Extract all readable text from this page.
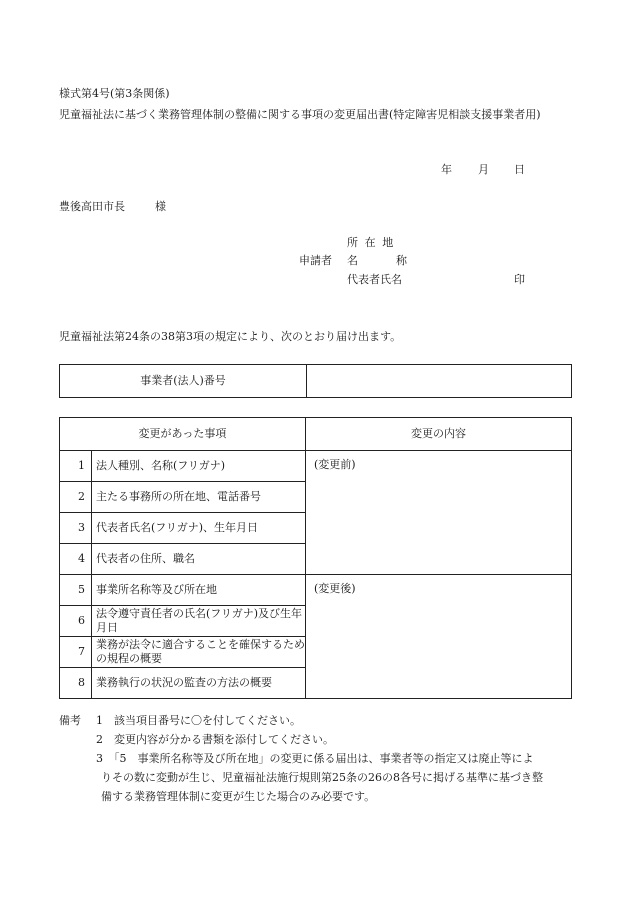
様式第4号(第3条関係)
児童福祉法に基づく業務管理体制の整備に関する事項の変更届出書(特定障害児相談支援事業者用)
年 月 日
豊後高田市長	様
申請者
所在地
名	称
代表者氏名	印
児童福祉法第24条の38第3項の規定により、次のとおり届け出ます。
事業者(法人)番号	
変更があった事項		変更の内容
1	法人種別、名称(フリガナ)	(変更前)
2	主たる事務所の所在地、電話番号	
3	代表者氏名(フリガナ)、生年月日	
4	代表者の住所、職名	
5	事業所名称等及び所在地	(変更後)
6	法令遵守責任者の氏名(フリガナ)及び生年月日	
7	業務が法令に適合することを確保するための規程の概要	
8	業務執行の状況の監査の方法の概要	
備考 1　該当項目番号に〇を付してください。
2　変更内容が分かる書類を添付してください。
3　「5　事業所名称等及び所在地」の変更に係る届出は、事業者等の指定又は廃止等によ
りその数に変動が生じ、児童福祉法施行規則第25条の26の8各号に掲げる基準に基づき整
備する業務管理体制に変更が生じた場合のみ必要です。
